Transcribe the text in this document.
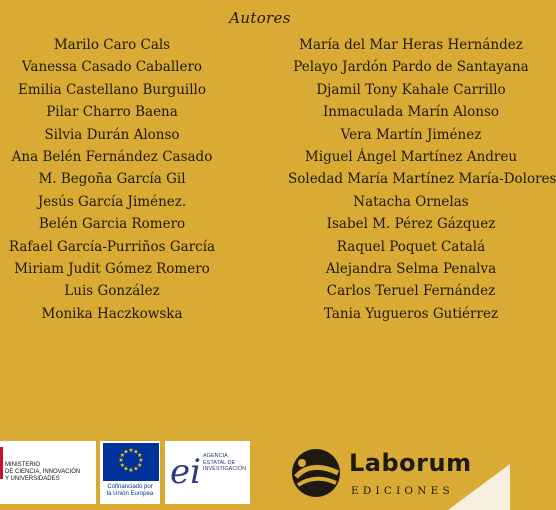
Autores
Marilo Caro Cals
Vanessa Casado Caballero
Emilia Castellano Burguillo
Pilar Charro Baena
Silvia Durán Alonso
Ana Belén Fernández Casado
M. Begoña García Gil
Jesús García Jiménez.
Belén Garcia Romero
Rafael García-Purriños García
Miriam Judit Gómez Romero
Luis González
Monika Haczkowska
María del Mar Heras Hernández
Pelayo Jardón Pardo de Santayana
Djamil Tony Kahale Carrillo
Inmaculada Marín Alonso
Vera Martín Jiménez
Miguel Ángel Martínez Andreu
Soledad María Martínez María-Dolores
Natacha Ornelas
Isabel M. Pérez Gázquez
Raquel Poquet Catalá
Alejandra Selma Penalva
Carlos Teruel Fernández
Tania Yugueros Gutiérrez
MINISTERIO
DE CIENCIA, INNOVACIÓN
Y UNIVERSIDADES
★ ★
★
★
★
★
★
★
★
★
★
★
Cofinanciado por
la Unión Europea
ei AGENCIA
ESTATAL DE
INVESTIGACIÓN	Laborum
EDICIONES
